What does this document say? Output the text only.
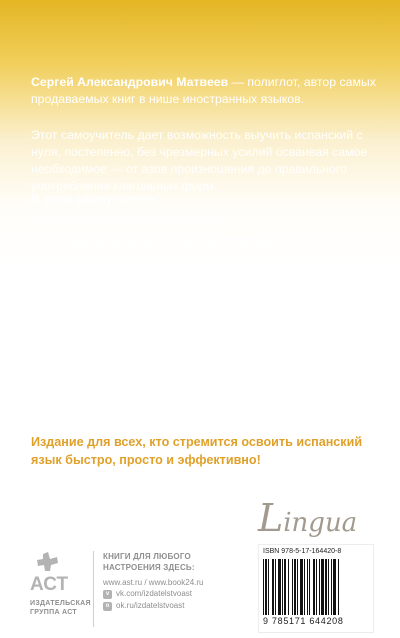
Сергей Александрович Матвеев — полиглот, автор самых продаваемых книг в нише иностранных языков.
Этот самоучитель дает возможность выучить испанский с нуля, постепенно, без чрезмерных усилий осваивая самое необходимое — от азов произношения до правильного употребления глагольных форм.
В этом самоучителе:
• правила чтения и произношения,
• понятная транскрипция русскими буквами,
• все основные части речи,
• глагольные времена с примерами их употребления,
• модальные глаголы,
• неправильные глаголы,
• базовая лексика, необходимая для общения,
• упражнения на отработку пройденного материала,
• русско-испанский и испанско-русский словари,
• полезные приложения.
Издание для всех, кто стремится освоить испанский язык быстро, просто и эффективно!
Lingua
АСТ
ИЗДАТЕЛЬСКАЯ
ГРУППА АСТ
КНИГИ ДЛЯ ЛЮБОГО
НАСТРОЕНИЯ ЗДЕСЬ:
www.ast.ru / www.book24.ru
v vk.com/izdatelstvoast
o ok.ru/izdatelstvoast
ISBN 978-5-17-164420-8
9 785171 644208
